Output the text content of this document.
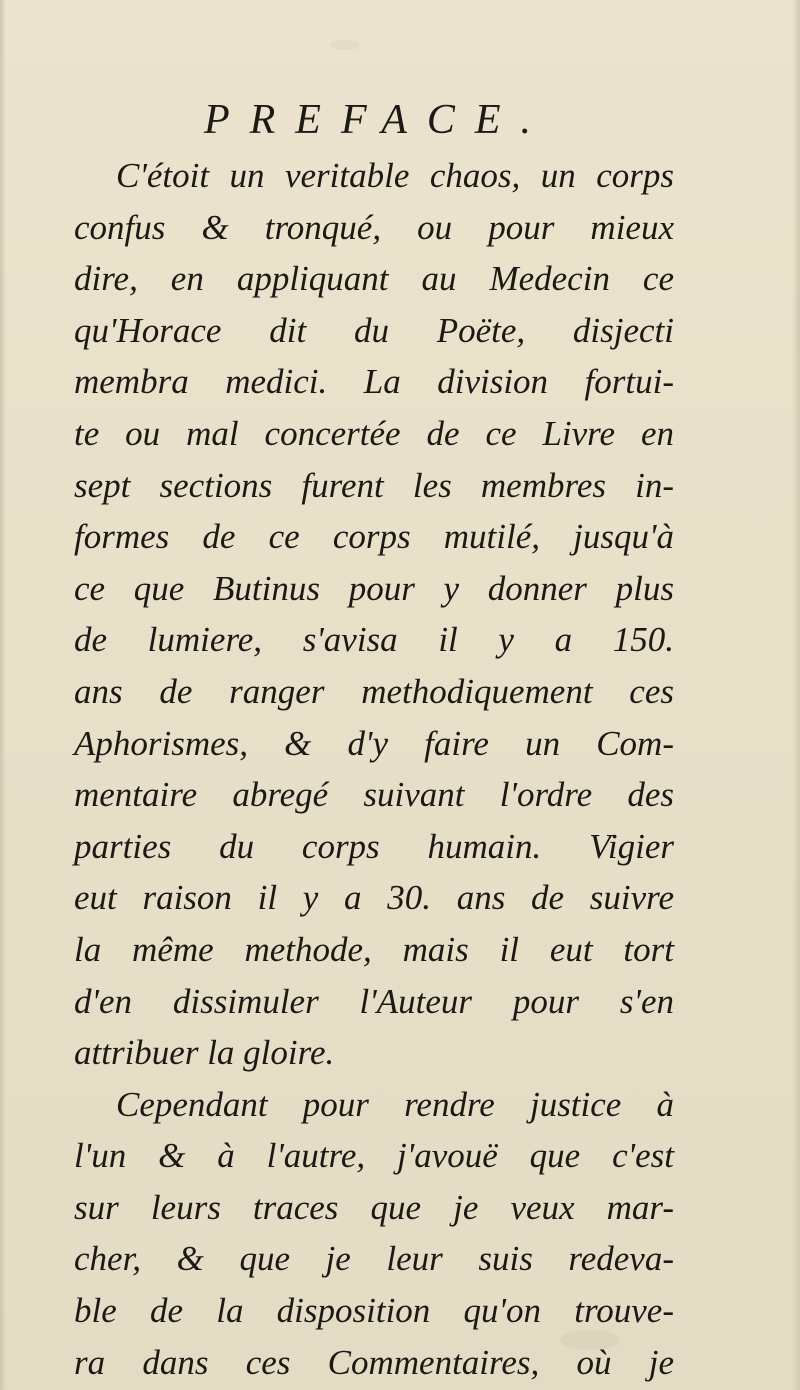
PREFACE.
C'étoit un veritable chaos, un corps
confus & tronqué, ou pour mieux
dire, en appliquant au Medecin ce
qu'Horace dit du Poëte, disjecti
membra medici. La division fortui-
te ou mal concertée de ce Livre en
sept sections furent les membres in-
formes de ce corps mutilé, jusqu'à
ce que Butinus pour y donner plus
de lumiere, s'avisa il y a 150.
ans de ranger methodiquement ces
Aphorismes, & d'y faire un Com-
mentaire abregé suivant l'ordre des
parties du corps humain. Vigier
eut raison il y a 30. ans de suivre
la même methode, mais il eut tort
d'en dissimuler l'Auteur pour s'en
attribuer la gloire.
Cependant pour rendre justice à
l'un & à l'autre, j'avouë que c'est
sur leurs traces que je veux mar-
cher, & que je leur suis redeva-
ble de la disposition qu'on trouve-
ra dans ces Commentaires, où je
